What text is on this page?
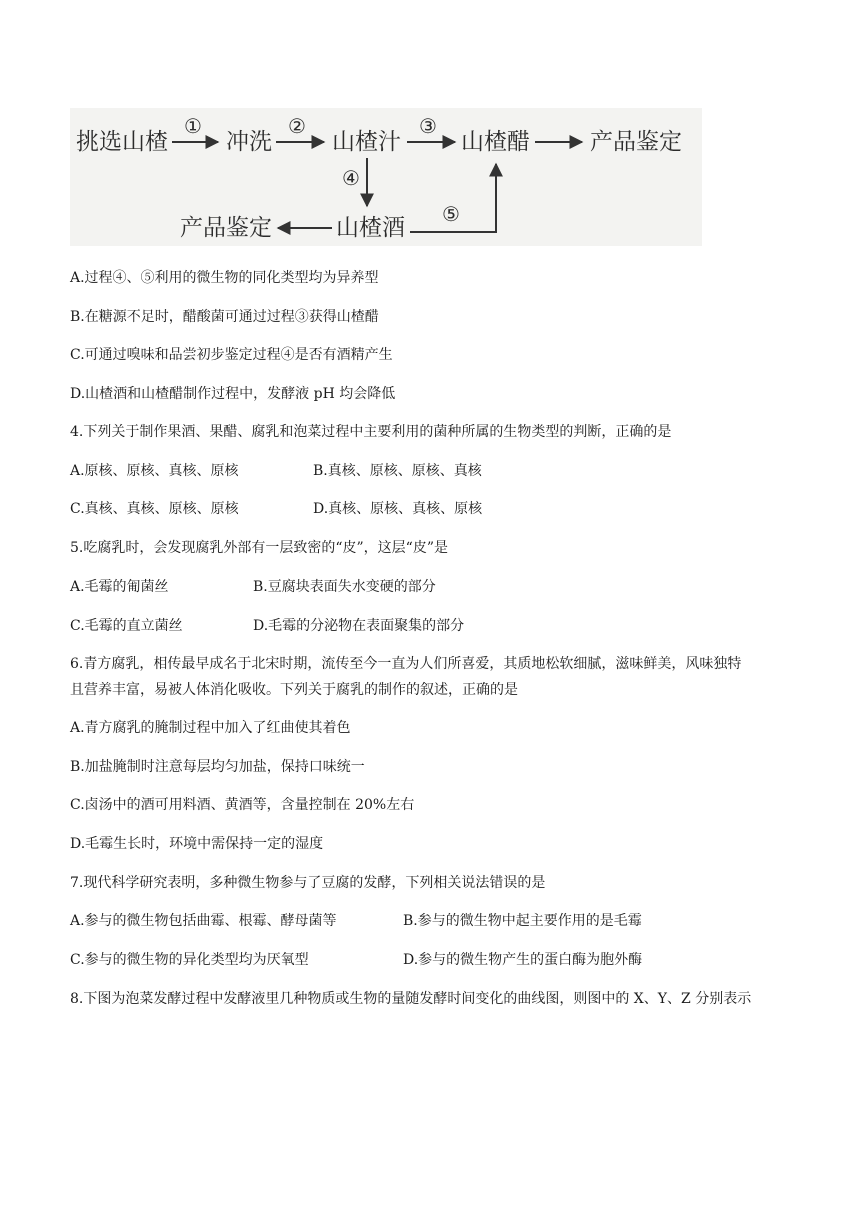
挑选山楂	冲洗	山楂汁	山楂醋	产品鉴定
山楂酒
产品鉴定
①	②	③
④
⑤
A.过程④、⑤利用的微生物的同化类型均为异养型
B.在糖源不足时，醋酸菌可通过过程③获得山楂醋
C.可通过嗅味和品尝初步鉴定过程④是否有酒精产生
D.山楂酒和山楂醋制作过程中，发酵液 pH 均会降低
4.下列关于制作果酒、果醋、腐乳和泡菜过程中主要利用的菌种所属的生物类型的判断，正确的是
A.原核、原核、真核、原核	B.真核、原核、原核、真核
C.真核、真核、原核、原核	D.真核、原核、真核、原核
5.吃腐乳时，会发现腐乳外部有一层致密的“皮”，这层“皮”是
A.毛霉的匍菌丝	B.豆腐块表面失水变硬的部分
C.毛霉的直立菌丝	D.毛霉的分泌物在表面聚集的部分
6.青方腐乳，相传最早成名于北宋时期，流传至今一直为人们所喜爱，其质地松软细腻，滋味鲜美，风味独特
且营养丰富，易被人体消化吸收。下列关于腐乳的制作的叙述，正确的是
A.青方腐乳的腌制过程中加入了红曲使其着色
B.加盐腌制时注意每层均匀加盐，保持口味统一
C.卤汤中的酒可用料酒、黄酒等，含量控制在 20%左右
D.毛霉生长时，环境中需保持一定的湿度
7.现代科学研究表明，多种微生物参与了豆腐的发酵，下列相关说法错误的是
A.参与的微生物包括曲霉、根霉、酵母菌等	B.参与的微生物中起主要作用的是毛霉
C.参与的微生物的异化类型均为厌氧型	D.参与的微生物产生的蛋白酶为胞外酶
8.下图为泡菜发酵过程中发酵液里几种物质或生物的量随发酵时间变化的曲线图，则图中的 X、Y、Z 分别表示
